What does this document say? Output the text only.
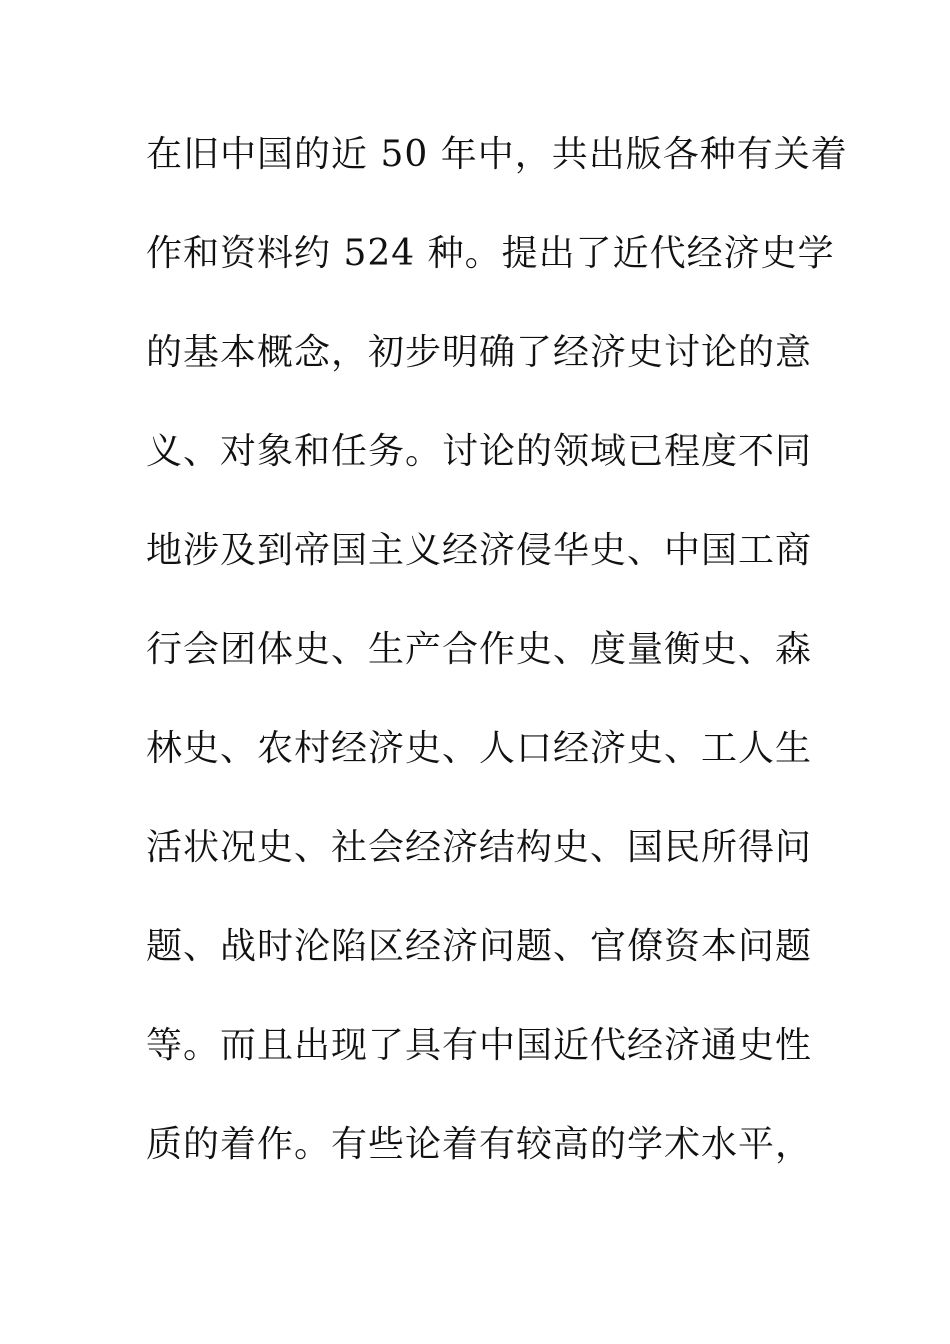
在旧中国的近 50 年中，共出版各种有关着
作和资料约 524 种。提出了近代经济史学
的基本概念，初步明确了经济史讨论的意
义、对象和任务。讨论的领域已程度不同
地涉及到帝国主义经济侵华史、中国工商
行会团体史、生产合作史、度量衡史、森
林史、农村经济史、人口经济史、工人生
活状况史、社会经济结构史、国民所得问
题、战时沦陷区经济问题、官僚资本问题
等。而且出现了具有中国近代经济通史性
质的着作。有些论着有较高的学术水平，
